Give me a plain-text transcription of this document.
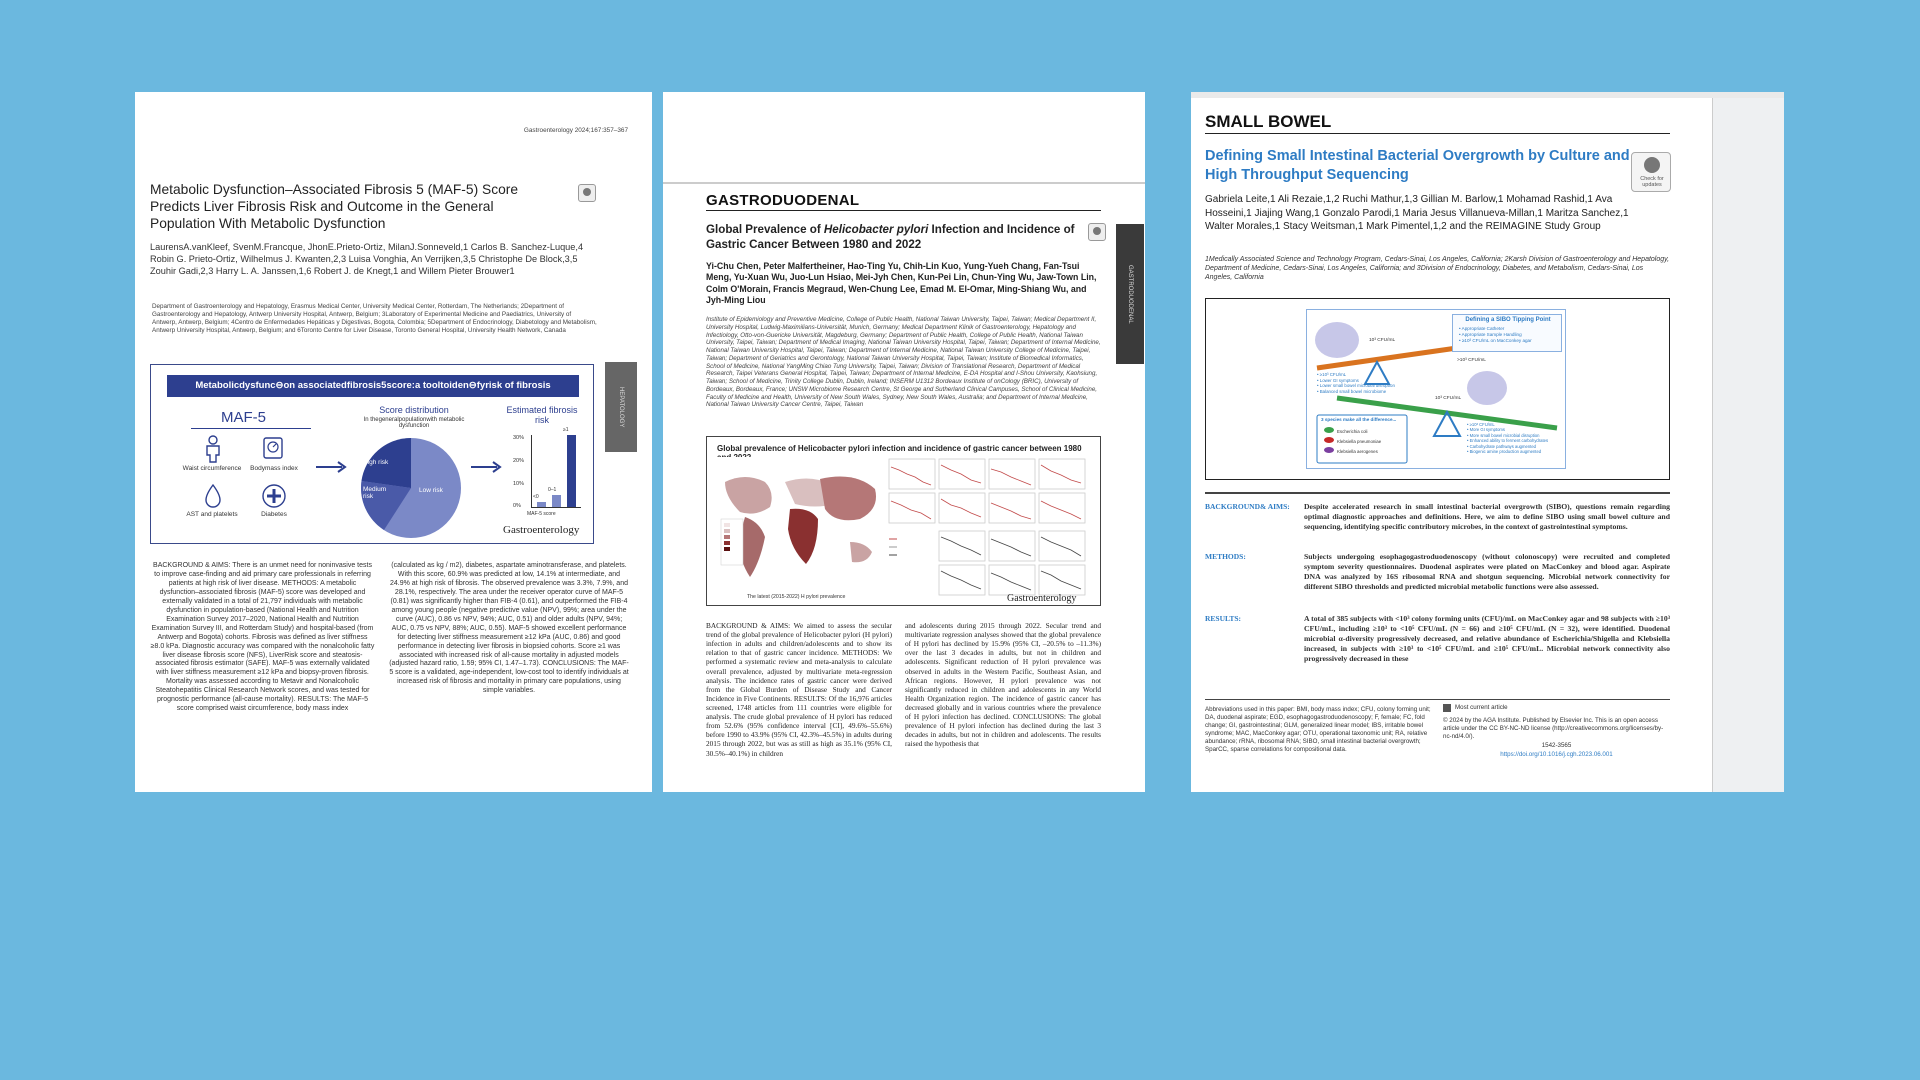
Gastroenterology 2024;167:357–367
Metabolic Dysfunction–Associated Fibrosis 5 (MAF-5) Score Predicts Liver Fibrosis Risk and Outcome in the General Population With Metabolic Dysfunction
LaurensA.vanKleef, SvenM.Francque, JhonE.Prieto-Ortiz, MilanJ.Sonneveld,1 Carlos B. Sanchez-Luque,4 Robin G. Prieto-Ortiz, Wilhelmus J. Kwanten,2,3 Luisa Vonghia, An Verrijken,3,5 Christophe De Block,3,5 Zouhir Gadi,2,3 Harry L. A. Janssen,1,6 Robert J. de Knegt,1 and Willem Pieter Brouwer1
Department of Gastroenterology and Hepatology, Erasmus Medical Center, University Medical Center, Rotterdam, The Netherlands; 2Department of Gastroenterology and Hepatology, Antwerp University Hospital, Antwerp, Belgium; 3Laboratory of Experimental Medicine and Paediatrics, University of Antwerp, Antwerp, Belgium; 4Centro de Enfermedades Hepáticas y Digestivas, Bogota, Colombia; 5Department of Endocrinology, Diabetology and Metabolism, Antwerp University Hospital, Antwerp, Belgium; and 6Toronto Centre for Liver Disease, Toronto General Hospital, University Health Network, Canada
Metabolicdysfunc⊖on associatedfibrosis5score:a tooltoiden⊖fyrisk of fibrosis
MAF-5
Waist circumference	Bodymass index
AST and platelets	Diabetes
Score distribution
In thegeneralpopulationwith metabolic dysfunction
High risk
Medium risk
Low risk
Estimated fibrosis risk
30%
20%
10%
0%
<0
0–1
≥1
MAF-5 score
Gastroenterology
BACKGROUND & AIMS: There is an unmet need for noninvasive tests to improve case-finding and aid primary care professionals in referring patients at high risk of liver disease. METHODS: A metabolic dysfunction–associated fibrosis (MAF-5) score was developed and externally validated in a total of 21,797 individuals with metabolic dysfunction in population-based (National Health and Nutrition Examination Survey 2017–2020, National Health and Nutrition Examination Survey III, and Rotterdam Study) and hospital-based (from Antwerp and Bogota) cohorts. Fibrosis was defined as liver stiffness ≥8.0 kPa. Diagnostic accuracy was compared with the nonalcoholic fatty liver disease fibrosis score (NFS), LiverRisk score and steatosis-associated fibrosis estimator (SAFE). MAF-5 was externally validated with liver stiffness measurement ≥12 kPa and biopsy-proven fibrosis. Mortality was assessed according to Metavir and Nonalcoholic Steatohepatitis Clinical Research Network scores, and was tested for prognostic performance (all-cause mortality). RESULTS: The MAF-5 score comprised waist circumference, body mass index
(calculated as kg / m2), diabetes, aspartate aminotransferase, and platelets. With this score, 60.9% was predicted at low, 14.1% at intermediate, and 24.9% at high risk of fibrosis. The observed prevalence was 3.3%, 7.9%, and 28.1%, respectively. The area under the receiver operator curve of MAF-5 (0.81) was significantly higher than FIB-4 (0.61), and outperformed the FIB-4 among young people (negative predictive value (NPV), 99%; area under the curve (AUC), 0.86 vs NPV, 94%; AUC, 0.51) and older adults (NPV, 94%; AUC, 0.75 vs NPV, 88%; AUC, 0.55). MAF-5 showed excellent performance for detecting liver stiffness measurement ≥12 kPa (AUC, 0.86) and good performance in detecting liver fibrosis in biopsied cohorts. Score ≥1 was associated with increased risk of all-cause mortality in adjusted models (adjusted hazard ratio, 1.59; 95% CI, 1.47–1.73). CONCLUSIONS: The MAF-5 score is a validated, age-independent, low-cost tool to identify individuals at increased risk of fibrosis and mortality in primary care populations, using simple variables.
HEPATOLOGY
GASTRODUODENAL
Global Prevalence of Helicobacter pylori Infection and Incidence of Gastric Cancer Between 1980 and 2022
Yi-Chu Chen, Peter Malfertheiner, Hao-Ting Yu, Chih-Lin Kuo, Yung-Yueh Chang, Fan-Tsui Meng, Yu-Xuan Wu, Juo-Lun Hsiao, Mei-Jyh Chen, Kun-Pei Lin, Chun-Ying Wu, Jaw-Town Lin, Colm O'Morain, Francis Megraud, Wen-Chung Lee, Emad M. El-Omar, Ming-Shiang Wu, and Jyh-Ming Liou
Institute of Epidemiology and Preventive Medicine, College of Public Health, National Taiwan University, Taipei, Taiwan; Medical Department II, University Hospital, Ludwig-Maximilians-Universität, Munich, Germany; Medical Department Klinik of Gastroenterology, Hepatology and Infectiology, Otto-von-Guericke Universität, Magdeburg, Germany; Department of Public Health, College of Public Health, National Taiwan University, Taipei, Taiwan; Department of Medical Imaging, National Taiwan University Hospital, Taipei, Taiwan; Department of Internal Medicine, National Taiwan University Hospital, Taipei, Taiwan; Department of Internal Medicine, National Taiwan University College of Medicine, Taipei, Taiwan; Department of Geriatrics and Gerontology, National Taiwan University Hospital, Taipei, Taiwan; Institute of Biomedical Informatics, School of Medicine, National YangMing Chiao Tung University, Taipei, Taiwan; Division of Translational Research, Department of Medical Research, Taipei Veterans General Hospital, Taipei, Taiwan; Department of Internal Medicine, E-DA Hospital and I-Shou University, Kaohsiung, Taiwan; School of Medicine, Trinity College Dublin, Dublin, Ireland; INSERM U1312 Bordeaux Institute of onCology (BRIC), University of Bordeaux, Bordeaux, France; UNSW Microbiome Research Centre, St George and Sutherland Clinical Campuses, School of Clinical Medicine, Faculty of Medicine and Health, University of New South Wales, Sydney, New South Wales, Australia; and Department of Internal Medicine, National Taiwan University Cancer Centre, Taipei, Taiwan
Global prevalence of Helicobacter pylori infection and incidence of gastric cancer between 1980
The latest (2015-2022) H pylori prevalence	Gastroenterology
BACKGROUND & AIMS: We aimed to assess the secular trend of the global prevalence of Helicobacter pylori (H pylori) infection in adults and children/adolescents and to show its relation to that of gastric cancer incidence. METHODS: We performed a systematic review and meta-analysis to calculate overall prevalence, adjusted by multivariate meta-regression analysis. The incidence rates of gastric cancer were derived from the Global Burden of Disease Study and Cancer Incidence in Five Continents. RESULTS: Of the 16,976 articles screened, 1748 articles from 111 countries were eligible for analysis. The crude global prevalence of H pylori has reduced from 52.6% (95% confidence interval [CI], 49.6%–55.6%) before 1990 to 43.9% (95% CI, 42.3%–45.5%) in adults during 2015 through 2022, but was as still as high as 35.1% (95% CI, 30.5%–40.1%) in children
and adolescents during 2015 through 2022. Secular trend and multivariate regression analyses showed that the global prevalence of H pylori has declined by 15.9% (95% CI, –20.5% to –11.3%) over the last 3 decades in adults, but not in children and adolescents. Significant reduction of H pylori prevalence was observed in adults in the Western Pacific, Southeast Asian, and African regions. However, H pylori prevalence was not significantly reduced in children and adolescents in any World Health Organization region. The incidence of gastric cancer has decreased globally and in various countries where the prevalence of H pylori infection has declined. CONCLUSIONS: The global prevalence of H pylori infection has declined during the last 3 decades in adults, but not in children and adolescents. The results raised the hypothesis that
GASTRODUODENAL
SMALL BOWEL
Defining Small Intestinal Bacterial Overgrowth by Culture and High Throughput Sequencing	Check for updates
Gabriela Leite,1 Ali Rezaie,1,2 Ruchi Mathur,1,3 Gillian M. Barlow,1 Mohamad Rashid,1 Ava Hosseini,1 Jiajing Wang,1 Gonzalo Parodi,1 Maria Jesus Villanueva-Millan,1 Maritza Sanchez,1 Walter Morales,1 Stacy Weitsman,1 Mark Pimentel,1,2 and the REIMAGINE Study Group
1Medically Associated Science and Technology Program, Cedars-Sinai, Los Angeles, California; 2Karsh Division of Gastroenterology and Hepatology, Department of Medicine, Cedars-Sinai, Los Angeles, California; and 3Division of Endocrinology, Diabetes, and Metabolism, Cedars-Sinai, Los Angeles, California
Defining a SIBO Tipping Point
• Appropriate Catheter
• Appropriate Sample Handling
• ≥10³ CFU/mL on MacConkey agar
10³ CFU/mL
>10³ CFU/mL
10³ CFU/mL
• ≥10³ CFU/mL
• Lower GI symptoms
• Lower small bowel microbial disruption
• Balanced small bowel microbiome
• ≥10³ CFU/mL
• More GI symptoms
• More small bowel microbial disruption
• Enhanced ability to ferment carbohydrates
• Carbohydrate pathways augmented
• Biogenic amine production augmented
3 species make all the difference...
Escherichia coli
Klebsiella pneumoniae
Klebsiella aerogenes
BACKGROUND& AIMS:	Despite accelerated research in small intestinal bacterial overgrowth (SIBO), questions remain regarding optimal diagnostic approaches and definitions. Here, we aim to define SIBO using small bowel culture and sequencing, identifying specific contributory microbes, in the context of gastrointestinal symptoms.
METHODS:	Subjects undergoing esophagogastroduodenoscopy (without colonoscopy) were recruited and completed symptom severity questionnaires. Duodenal aspirates were plated on MacConkey and blood agar. Aspirate DNA was analyzed by 16S ribosomal RNA and shotgun sequencing. Microbial network connectivity for different SIBO thresholds and predicted microbial metabolic functions were also assessed.
RESULTS:	A total of 385 subjects with <10³ colony forming units (CFU)/mL on MacConkey agar and 98 subjects with ≥10³ CFU/mL, including ≥10³ to <10⁵ CFU/mL (N = 66) and ≥10⁵ CFU/mL (N = 32), were identified. Duodenal microbial α-diversity progressively decreased, and relative abundance of Escherichia/Shigella and Klebsiella increased, in subjects with ≥10³ to <10⁵ CFU/mL and ≥10⁵ CFU/mL. Microbial network connectivity also progressively decreased in these
Abbreviations used in this paper: BMI, body mass index; CFU, colony forming unit; DA, duodenal aspirate; EGD, esophagogastroduodenoscopy; F, female; FC, fold change; GI, gastrointestinal; GLM, generalized linear model; IBS, irritable bowel syndrome; MAC, MacConkey agar; OTU, operational taxonomic unit; RA, relative abundance; rRNA, ribosomal RNA; SIBO, small intestinal bacterial overgrowth; SparCC, sparse correlations for compositional data.
Most current article
© 2024 by the AGA Institute. Published by Elsevier Inc. This is an open access article under the CC BY-NC-ND license (http://creativecommons.org/licenses/by-nc-nd/4.0/).
1542-3565
https://doi.org/10.1016/j.cgh.2023.06.001
